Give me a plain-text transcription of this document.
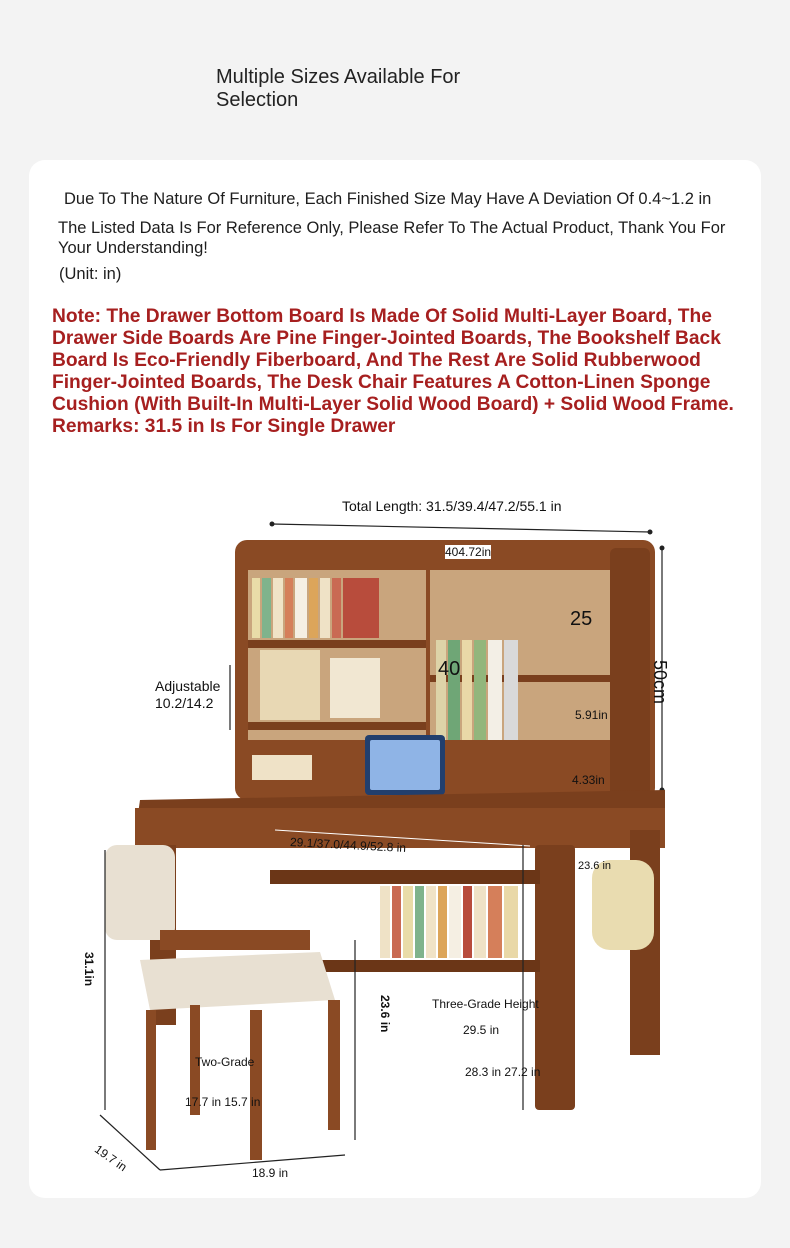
Multiple Sizes Available For Selection
Due To The Nature Of Furniture, Each Finished Size May Have A Deviation Of 0.4~1.2 in
The Listed Data Is For Reference Only, Please Refer To The Actual Product, Thank You For Your Understanding!
(Unit: in)
Note: The Drawer Bottom Board Is Made Of Solid Multi-Layer Board, The Drawer Side Boards Are Pine Finger-Jointed Boards, The Bookshelf Back Board Is Eco-Friendly Fiberboard, And The Rest Are Solid Rubberwood Finger-Jointed Boards, The Desk Chair Features A Cotton-Linen Sponge Cushion (With Built-In Multi-Layer Solid Wood Board) + Solid Wood Frame. Remarks: 31.5 in Is For Single Drawer
Total Length: 31.5/39.4/47.2/55.1 in
404.72in
50cm
Adjustable
10.2/14.2
40
25
5.91in
4.33in
29.1/37.0/44.9/52.8 in
23.6 in
31.1in
23.6 in	Three-Grade Height
29.5 in
28.3 in 27.2 in
Two-Grade
17.7 in 15.7 in
19.7 in	18.9 in
